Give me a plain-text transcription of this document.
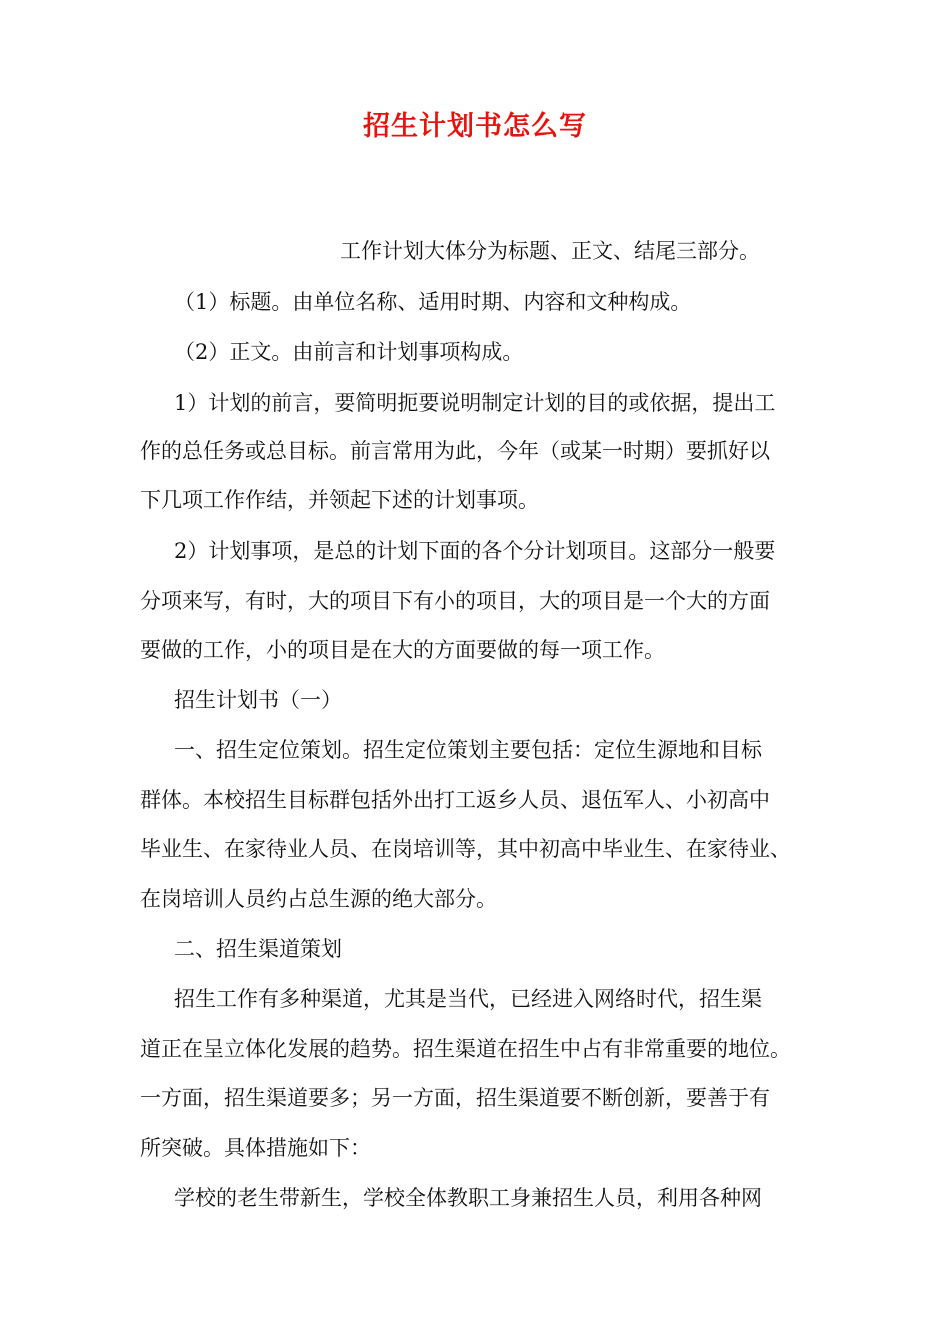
招生计划书怎么写
工作计划大体分为标题、正文、结尾三部分。
（1）标题。由单位名称、适用时期、内容和文种构成。
（2）正文。由前言和计划事项构成。
1）计划的前言，要简明扼要说明制定计划的目的或依据，提出工
作的总任务或总目标。前言常用为此，今年（或某一时期）要抓好以
下几项工作作结，并领起下述的计划事项。
2）计划事项，是总的计划下面的各个分计划项目。这部分一般要
分项来写，有时，大的项目下有小的项目，大的项目是一个大的方面
要做的工作，小的项目是在大的方面要做的每一项工作。
招生计划书（一）
一、招生定位策划。招生定位策划主要包括：定位生源地和目标
群体。本校招生目标群包括外出打工返乡人员、退伍军人、小初高中
毕业生、在家待业人员、在岗培训等，其中初高中毕业生、在家待业、
在岗培训人员约占总生源的绝大部分。
二、招生渠道策划
招生工作有多种渠道，尤其是当代，已经进入网络时代，招生渠
道正在呈立体化发展的趋势。招生渠道在招生中占有非常重要的地位。
一方面，招生渠道要多；另一方面，招生渠道要不断创新，要善于有
所突破。具体措施如下：
学校的老生带新生，学校全体教职工身兼招生人员，利用各种网
